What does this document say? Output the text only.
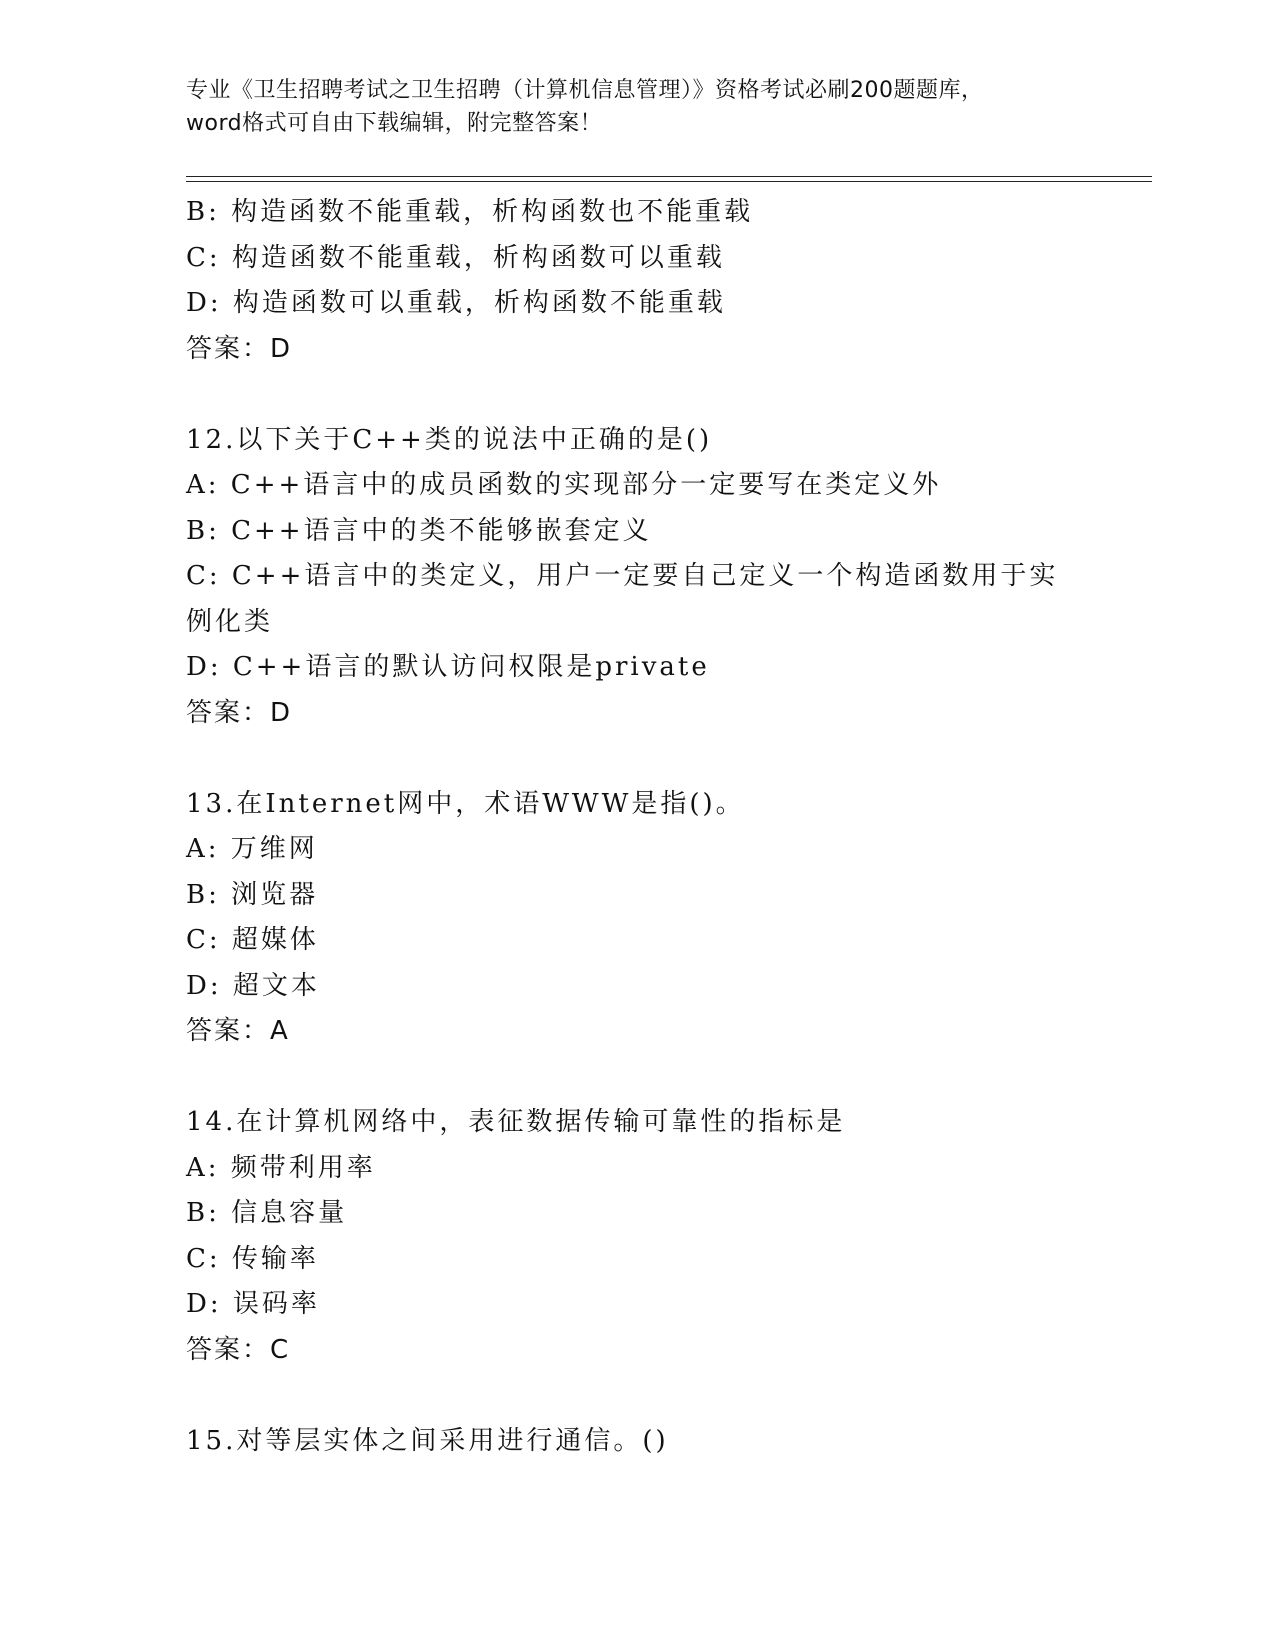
专业《卫生招聘考试之卫生招聘（计算机信息管理）》资格考试必刷200题题库，
word格式可自由下载编辑，附完整答案！
B: 构造函数不能重载，析构函数也不能重载
C: 构造函数不能重载，析构函数可以重载
D: 构造函数可以重载，析构函数不能重载
答案：D
12.以下关于C++类的说法中正确的是()
A: C++语言中的成员函数的实现部分一定要写在类定义外
B: C++语言中的类不能够嵌套定义
C: C++语言中的类定义，用户一定要自己定义一个构造函数用于实例化类
D: C++语言的默认访问权限是private
答案：D
13.在Internet网中，术语WWW是指()。
A: 万维网
B: 浏览器
C: 超媒体
D: 超文本
答案：A
14.在计算机网络中，表征数据传输可靠性的指标是
A: 频带利用率
B: 信息容量
C: 传输率
D: 误码率
答案：C
15.对等层实体之间采用进行通信。()
